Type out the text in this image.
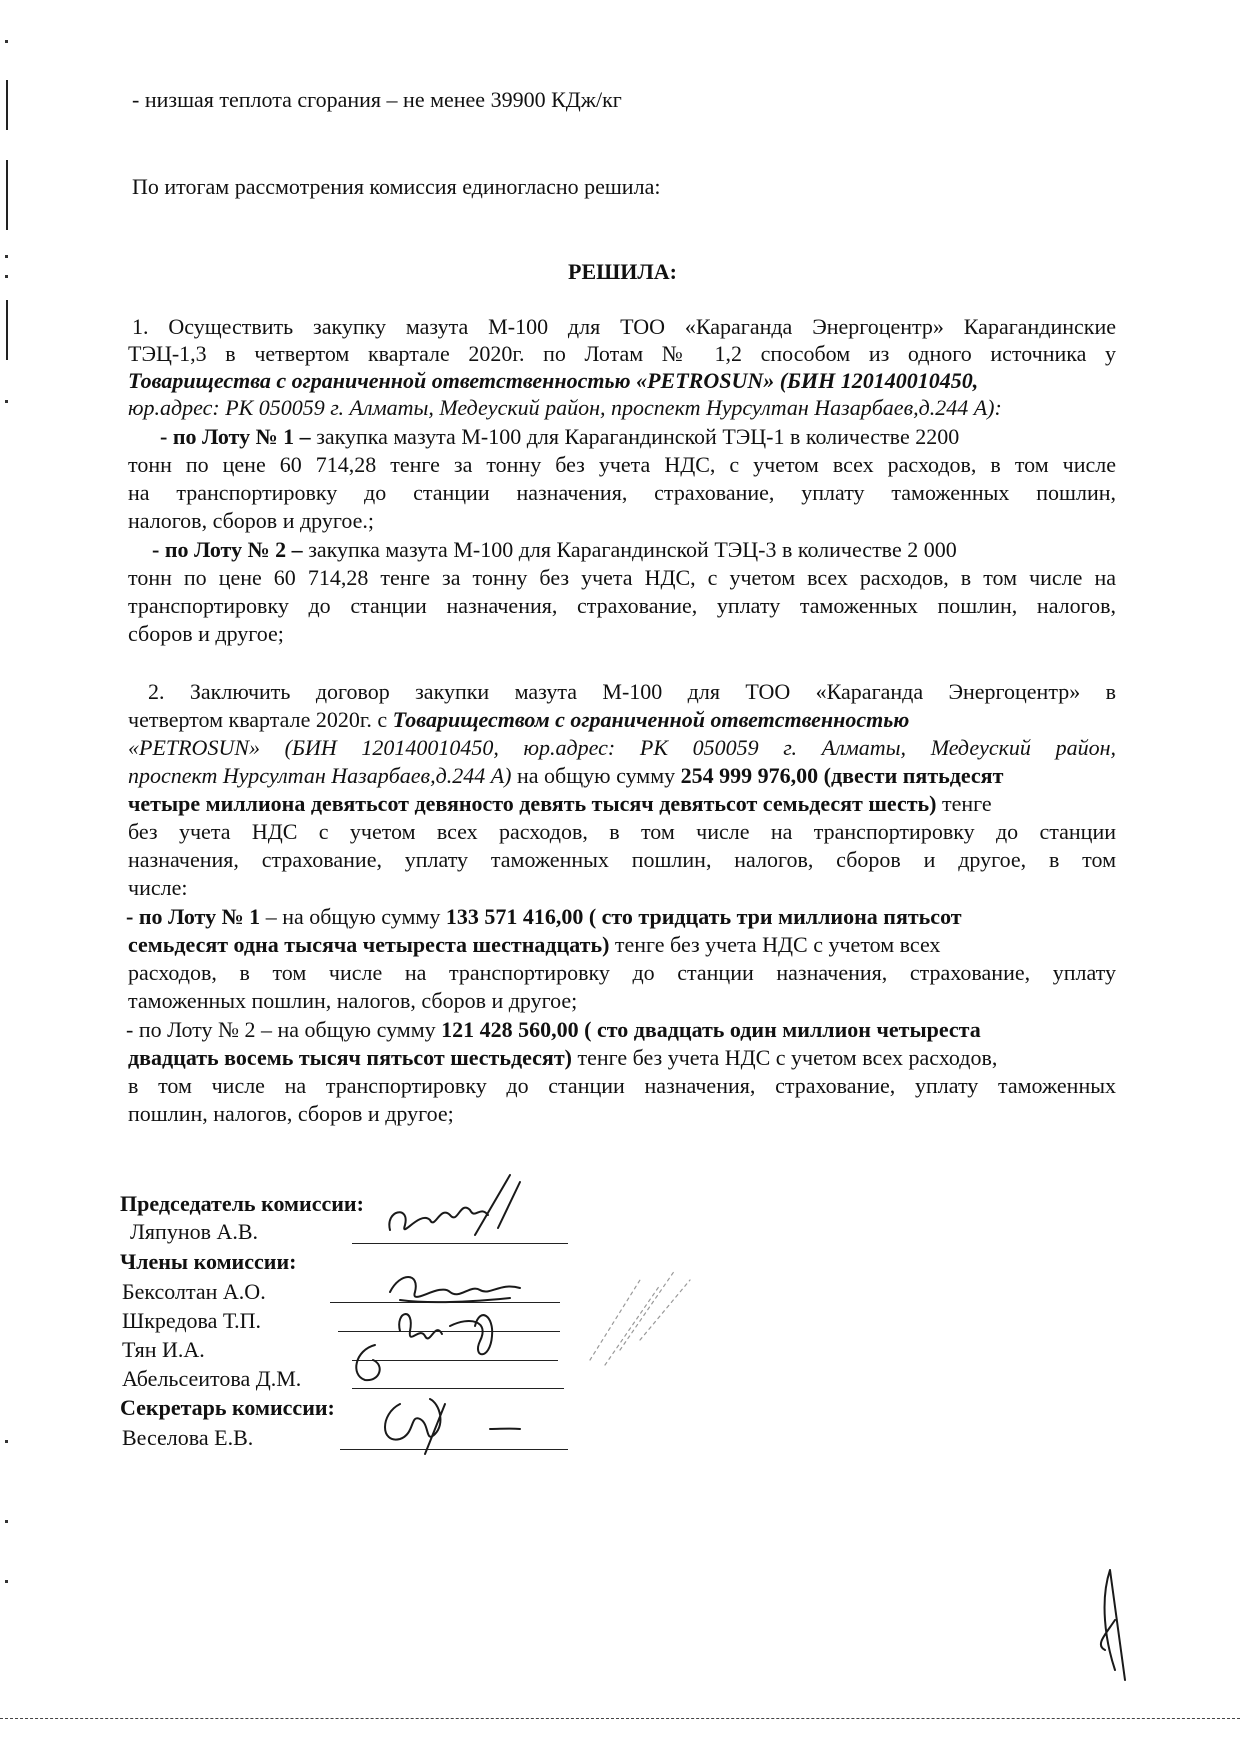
- низшая теплота сгорания – не менее 39900 КДж/кг
По итогам рассмотрения комиссия единогласно решила:
РЕШИЛА:
1. Осуществить закупку мазута М-100 для ТОО «Караганда Энергоцентр» Карагандинские
ТЭЦ-1,3 в четвертом квартале 2020г. по Лотам № 1,2 способом из одного источника у
Товарищества с ограниченной ответственностью «PETROSUN» (БИН 120140010450,
юр.адрес: РК 050059 г. Алматы, Медеуский район, проспект Нурсултан Назарбаев,д.244 А):
- по Лоту № 1 – закупка мазута М-100 для Карагандинской ТЭЦ-1 в количестве 2200
тонн по цене 60 714,28 тенге за тонну без учета НДС, с учетом всех расходов, в том числе
на транспортировку до станции назначения, страхование, уплату таможенных пошлин,
налогов, сборов и другое.;
- по Лоту № 2 – закупка мазута М-100 для Карагандинской ТЭЦ-3 в количестве 2 000
тонн по цене 60 714,28 тенге за тонну без учета НДС, с учетом всех расходов, в том числе на
транспортировку до станции назначения, страхование, уплату таможенных пошлин, налогов,
сборов и другое;
2. Заключить договор закупки мазута М-100 для ТОО «Караганда Энергоцентр» в
четвертом квартале 2020г. с Товариществом с ограниченной ответственностью
«PETROSUN» (БИН 120140010450, юр.адрес: РК 050059 г. Алматы, Медеуский район,
проспект Нурсултан Назарбаев,д.244 А) на общую сумму 254 999 976,00 (двести пятьдесят
четыре миллиона девятьсот девяносто девять тысяч девятьсот семьдесят шесть) тенге
без учета НДС с учетом всех расходов, в том числе на транспортировку до станции
назначения, страхование, уплату таможенных пошлин, налогов, сборов и другое, в том
числе:
- по Лоту № 1 – на общую сумму 133 571 416,00 ( сто тридцать три миллиона пятьсот
семьдесят одна тысяча четыреста шестнадцать) тенге без учета НДС с учетом всех
расходов, в том числе на транспортировку до станции назначения, страхование, уплату
таможенных пошлин, налогов, сборов и другое;
- по Лоту № 2 – на общую сумму 121 428 560,00 ( сто двадцать один миллион четыреста
двадцать восемь тысяч пятьсот шестьдесят) тенге без учета НДС с учетом всех расходов,
в том числе на транспортировку до станции назначения, страхование, уплату таможенных
пошлин, налогов, сборов и другое;
Председатель комиссии:
Ляпунов А.В.
Члены комиссии:
Бексолтан А.О.
Шкредова Т.П.
Тян И.А.
Абельсеитова Д.М.
Секретарь комиссии:
Веселова Е.В.
